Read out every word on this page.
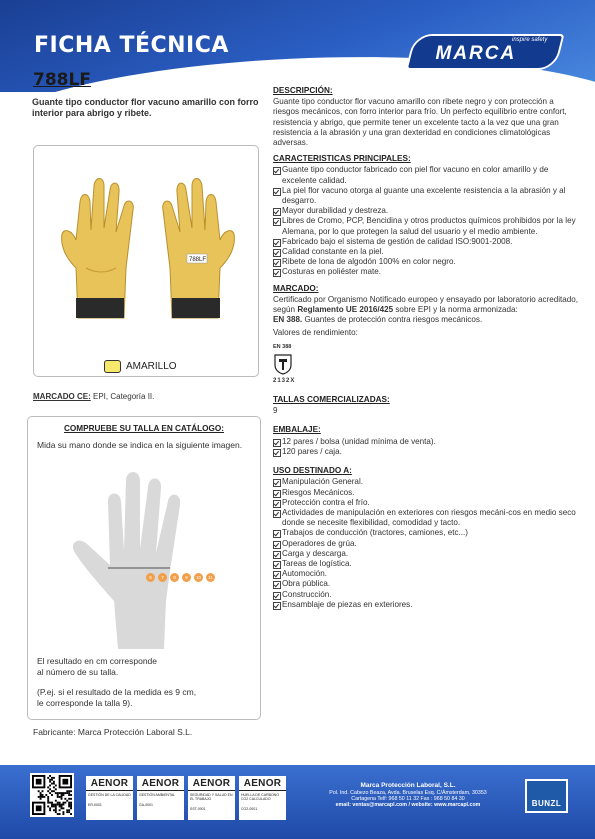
FICHA TÉCNICA	inspire safety
MARCA
788LF
Guante tipo conductor flor vacuno amarillo con forro interior para abrigo y ribete.
788LF
AMARILLO
MARCADO CE: EPI, Categoría II.
COMPRUEBE SU TALLA EN CATÁLOGO:
Mida su mano donde se indica en la siguiente imagen.
6	7	8	9	10	11
El resultado en cm corresponde
al número de su talla.
(P.ej. si el resultado de la medida es 9 cm,
le corresponde la talla 9).
Fabricante: Marca Protección Laboral S.L.
DESCRIPCIÓN:
Guante tipo conductor flor vacuno amarillo con ribete negro y con protección a riesgos mecánicos, con forro interior para frío. Un perfecto equilibrio entre confort, resistencia y abrigo, que permite tener un excelente tacto a la vez que una gran resistencia a la abrasión y una gran dexteridad en condiciones climatológicas adversas.
CARACTERISTICAS PRINCIPALES:
Guante tipo conductor fabricado con piel flor vacuno en color amarillo y de excelente calidad.
La piel flor vacuno otorga al guante una excelente resistencia a la abrasión y al desgarro.
Mayor durabilidad y destreza.
Libres de Cromo, PCP, Bencidina y otros productos químicos prohibidos por la ley Alemana, por lo que protegen la salud del usuario y el medio ambiente.
Fabricado bajo el sistema de gestión de calidad ISO:9001-2008.
Calidad constante en la piel.
Ribete de lona de algodón 100% en color negro.
Costuras en poliéster mate.
MARCADO:
Certificado por Organismo Notificado europeo y ensayado por laboratorio acreditado, según Reglamento UE 2016/425 sobre EPI y la norma armonizada:
EN 388. Guantes de protección contra riesgos mecánicos.
Valores de rendimiento:
EN 388
2132X
TALLAS COMERCIALIZADAS:
9
EMBALAJE:
12 pares / bolsa (unidad mínima de venta).
120 pares / caja.
USO DESTINADO A:
Manipulación General.
Riesgos Mecánicos.
Protección contra el frío.
Actividades de manipulación en exteriores con riesgos mecáni-cos en medio seco donde se necesite flexibilidad, comodidad y tacto.
Trabajos de conducción (tractores, camiones, etc...)
Operadores de grúa.
Carga y descarga.
Tareas de logística.
Automoción.
Obra pública.
Construcción.
Ensamblaje de piezas en exteriores.
AENOR
GESTIÓN DE LA CALIDAD
ER-0001
AENOR
GESTIÓN AMBIENTAL
GA-0001
AENOR
SEGURIDAD Y SALUD EN EL TRABAJO
SST-0001
AENOR
HUELLA DE CARBONO CO2 CALCULADO
CO2-0001
Marca Protección Laboral, S.L.
Pol. Ind. Cabezo Beaza, Avda. Bruselas Esq. C/Ámsterdam, 30353
Cartagena Telf: 968 50 11 32 Fax : 968 50 84 30
email: ventas@marcapl.com / website: www.marcapl.com	BUNZL
